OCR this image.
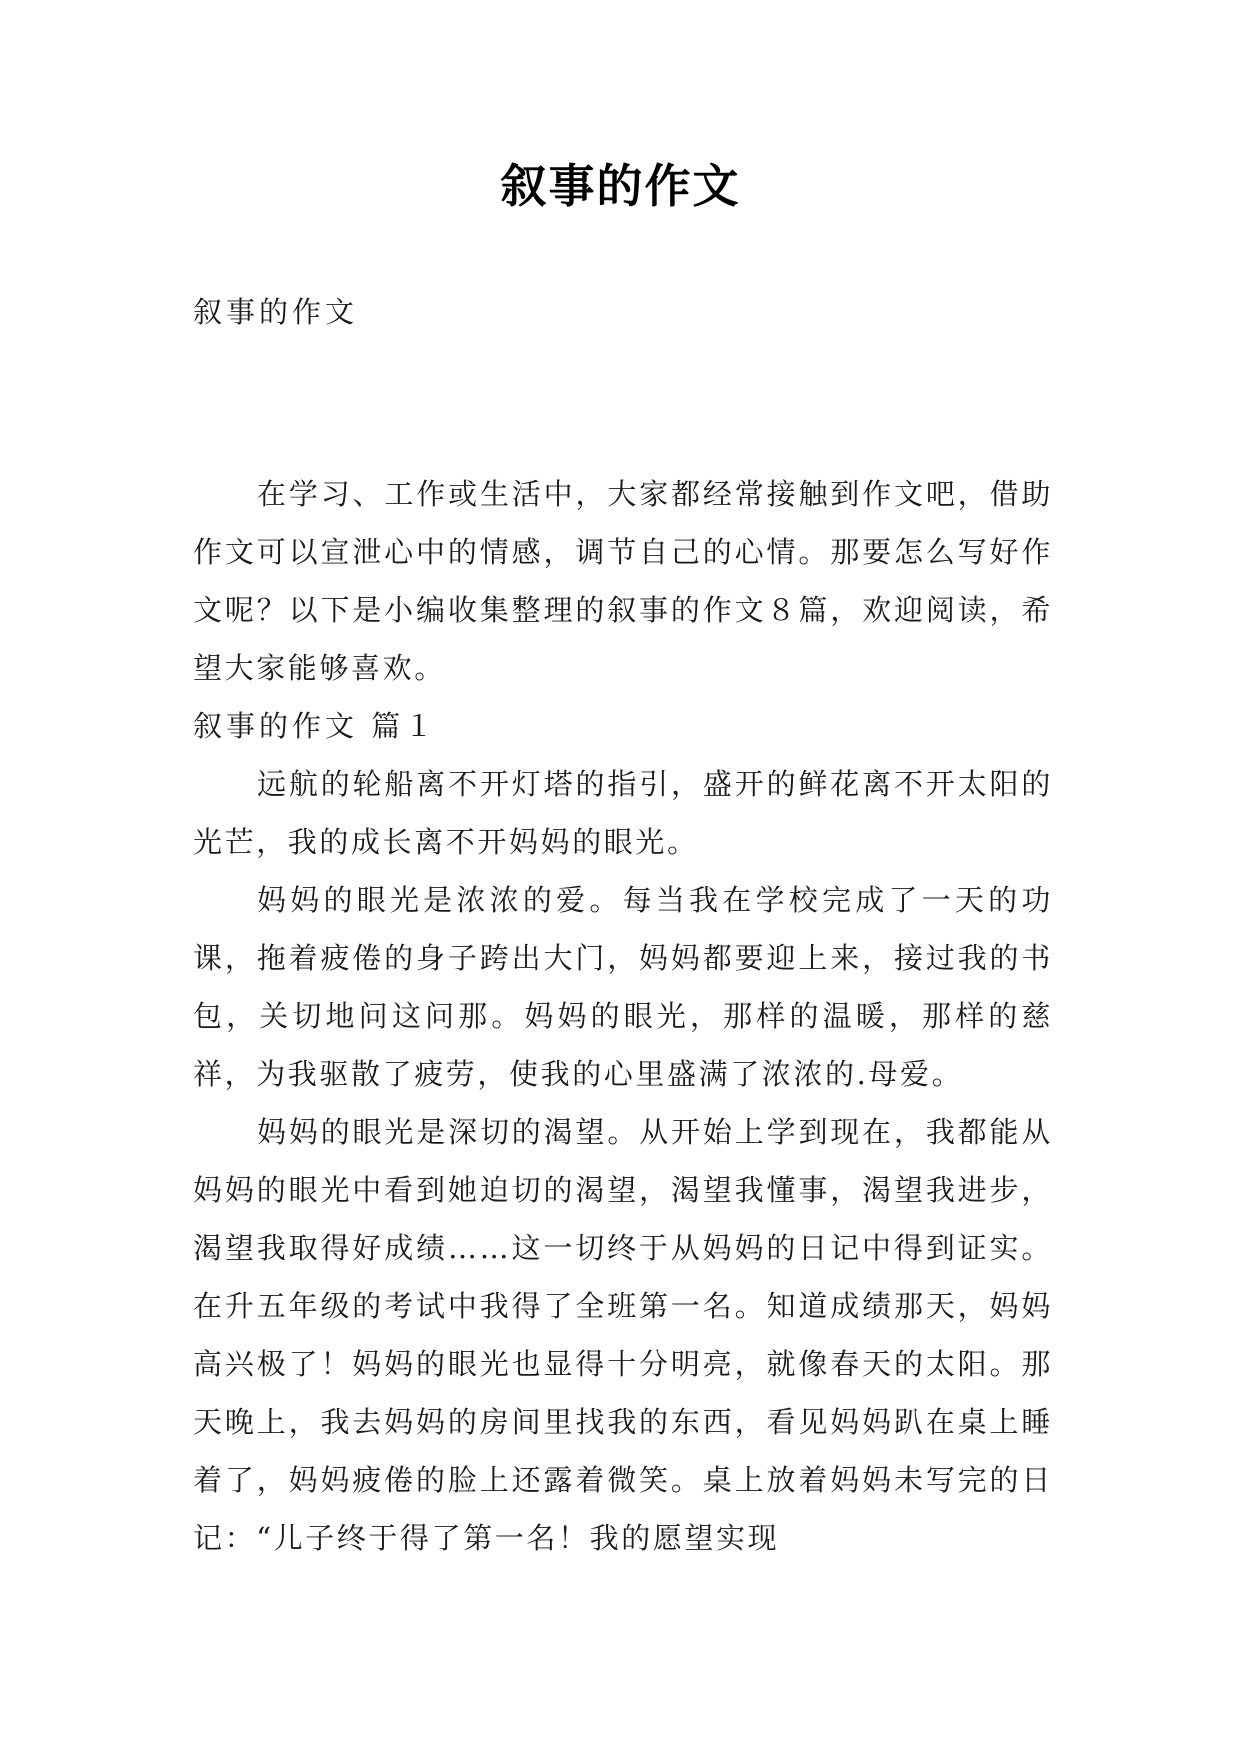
叙事的作文
叙事的作文

在学习、工作或生活中，大家都经常接触到作文吧，借助作文可以宣泄心中的情感，调节自己的心情。那要怎么写好作文呢？以下是小编收集整理的叙事的作文８篇，欢迎阅读，希望大家能够喜欢。

叙事的作文 篇１

远航的轮船离不开灯塔的指引，盛开的鲜花离不开太阳的光芒，我的成长离不开妈妈的眼光。

妈妈的眼光是浓浓的爱。每当我在学校完成了一天的功课，拖着疲倦的身子跨出大门，妈妈都要迎上来，接过我的书包，关切地问这问那。妈妈的眼光，那样的温暖，那样的慈祥，为我驱散了疲劳，使我的心里盛满了浓浓的.母爱。

妈妈的眼光是深切的渴望。从开始上学到现在，我都能从妈妈的眼光中看到她迫切的渴望，渴望我懂事，渴望我进步，渴望我取得好成绩……这一切终于从妈妈的日记中得到证实。在升五年级的考试中我得了全班第一名。知道成绩那天，妈妈高兴极了！妈妈的眼光也显得十分明亮，就像春天的太阳。那天晚上，我去妈妈的房间里找我的东西，看见妈妈趴在桌上睡着了，妈妈疲倦的脸上还露着微笑。桌上放着妈妈未写完的日记：“儿子终于得了第一名！我的愿望实现
